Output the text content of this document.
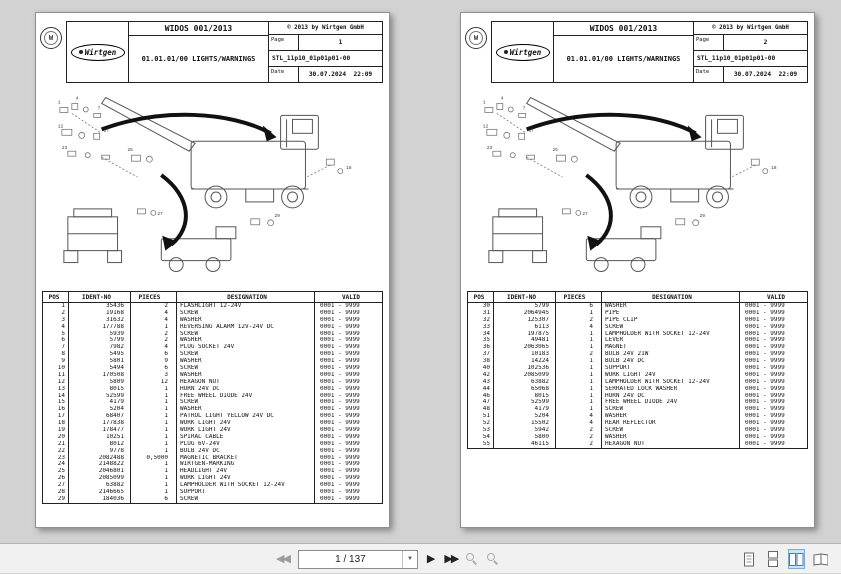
W
Wirtgen
WIDOS 001/2013
01.01.01/00 LIGHTS/WARNINGS
© 2013 by Wirtgen GmbH
Page	1
STL_11p10_01p01p01-00
Date	30.07.2024  22:09
POS	IDENT-NO	PIECES	DESIGNATION	VALID
1	35436	2	FLASHLIGHT 12-24V	0001 - 9999
2	19168	4	SCREW	0001 - 9999
3	31632	4	WASHER	0001 - 9999
4	177788	1	REVERSING ALARM 12V-24V DC	0001 - 9999
5	5939	2	SCREW	0001 - 9999
6	5799	2	WASHER	0001 - 9999
7	7982	4	PLUG SOCKET 24V	0001 - 9999
8	5495	6	SCREW	0001 - 9999
9	5801	9	WASHER	0001 - 9999
10	5494	6	SCREW	0001 - 9999
11	170508	3	WASHER	0001 - 9999
12	5809	12	HEXAGON NUT	0001 - 9999
13	8015	1	HORN 24V DC	0001 - 9999
14	52599	1	FREE WHEEL DIODE 24V	0001 - 9999
15	4179	1	SCREW	0001 - 9999
16	5204	1	WASHER	0001 - 9999
17	68407	1	PATROL LIGHT YELLOW 24V DC	0001 - 9999
18	177838	1	WORK LIGHT 24V	0001 - 9999
19	178477	1	WORK LIGHT 24V	0001 - 9999
20	10251	1	SPIRAL CABLE	0001 - 9999
21	8012	1	PLUG 6V-24V	0001 - 9999
22	9778	1	BULB 24V DC	0001 - 9999
23	2082488	0,5000	MAGNETIC BRACKET	0001 - 9999
24	2148822	1	WIRTGEN-MARKING	0001 - 9999
25	2046801	1	HEADLIGHT 24V	0001 - 9999
26	2085099	1	WORK LIGHT 24V	0001 - 9999
27	63882	1	LAMPHOLDER WITH SOCKET 12-24V	0001 - 9999
28	2146665	1	SUPPORT	0001 - 9999
29	184036	6	SCREW	0001 - 9999
W
Wirtgen
WIDOS 001/2013
01.01.01/00 LIGHTS/WARNINGS
© 2013 by Wirtgen GmbH
Page	2
STL_11p10_01p01p01-00
Date	30.07.2024  22:09
POS	IDENT-NO	PIECES	DESIGNATION	VALID
30	5799	6	WASHER	0001 - 9999
31	2064945	1	PIPE	0001 - 9999
32	125307	2	PIPE CLIP	0001 - 9999
33	6113	4	SCREW	0001 - 9999
34	197875	1	LAMPHOLDER WITH SOCKET 12-24V	0001 - 9999
35	49481	1	LEVER	0001 - 9999
36	2063065	1	MAGNET	0001 - 9999
37	10183	2	BULB 24V 21W	0001 - 9999
38	14224	1	BULB 24V DC	0001 - 9999
40	102536	1	SUPPORT	0001 - 9999
42	2085099	1	WORK LIGHT 24V	0001 - 9999
43	63882	1	LAMPHOLDER WITH SOCKET 12-24V	0001 - 9999
44	65068	1	SERRATED LOCK WASHER	0001 - 9999
46	8015	1	HORN 24V DC	0001 - 9999
47	52599	1	FREE WHEEL DIODE 24V	0001 - 9999
48	4179	1	SCREW	0001 - 9999
51	5204	4	WASHER	0001 - 9999
52	15502	4	REAR REFLECTOR	0001 - 9999
53	5942	2	SCREW	0001 - 9999
54	5800	2	WASHER	0001 - 9999
55	46115	2	HEXAGON NUT	0001 - 9999
◀◀
1 / 137	▼	▶ ▶▶
